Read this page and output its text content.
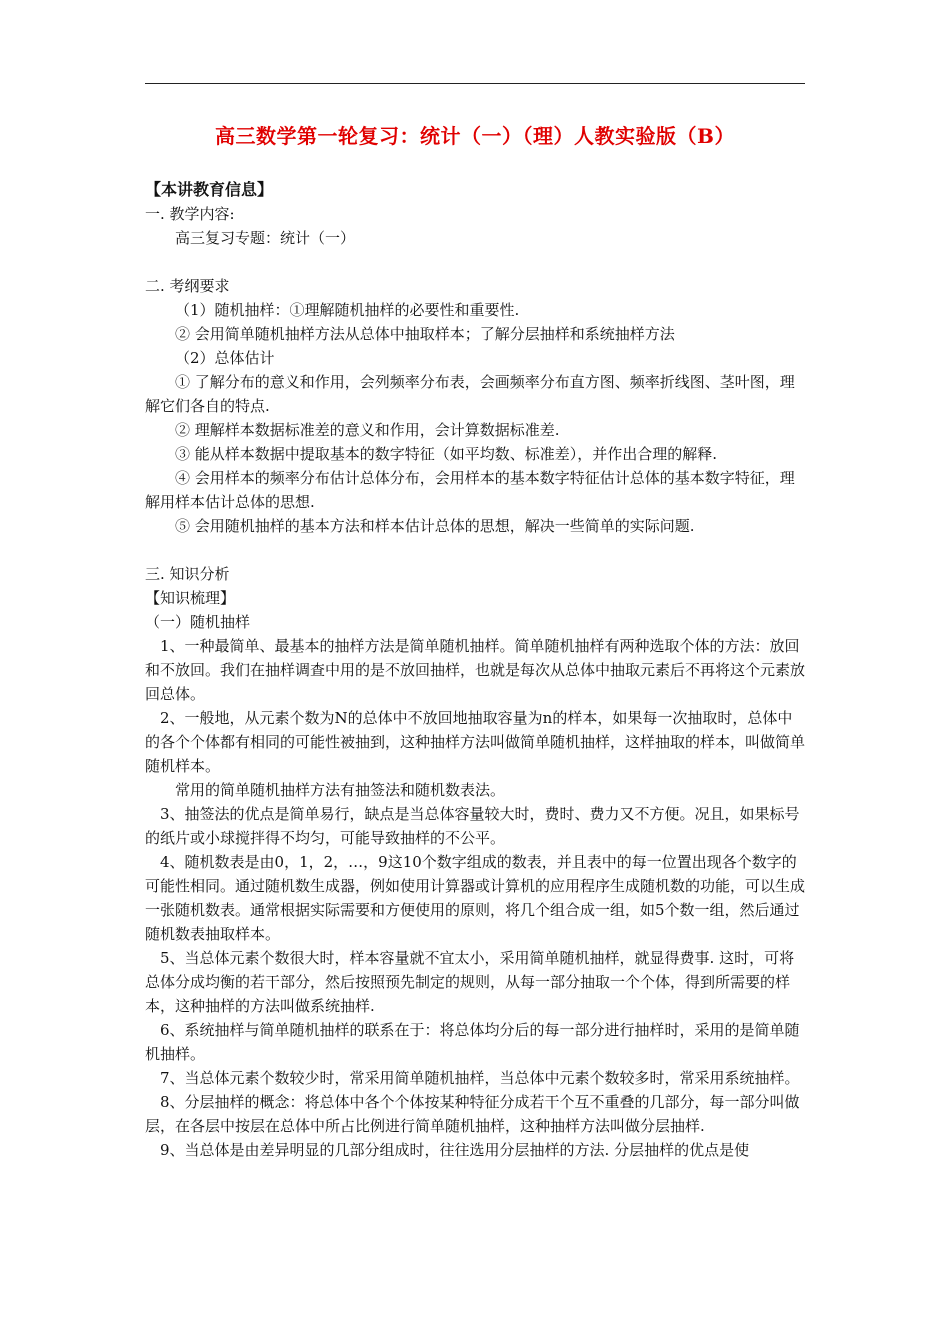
高三数学第一轮复习：统计（一）（理）人教实验版（B）

【本讲教育信息】

一. 教学内容:

高三复习专题：统计（一）

二. 考纲要求

（1）随机抽样：①理解随机抽样的必要性和重要性.

② 会用简单随机抽样方法从总体中抽取样本；了解分层抽样和系统抽样方法

（2）总体估计

① 了解分布的意义和作用，会列频率分布表，会画频率分布直方图、频率折线图、茎叶图，理解它们各自的特点.

② 理解样本数据标准差的意义和作用，会计算数据标准差.

③ 能从样本数据中提取基本的数字特征（如平均数、标准差），并作出合理的解释.

④ 会用样本的频率分布估计总体分布，会用样本的基本数字特征估计总体的基本数字特征，理解用样本估计总体的思想.

⑤ 会用随机抽样的基本方法和样本估计总体的思想，解决一些简单的实际问题.

三. 知识分析

【知识梳理】

（一）随机抽样

1、一种最简单、最基本的抽样方法是简单随机抽样。简单随机抽样有两种选取个体的方法：放回和不放回。我们在抽样调查中用的是不放回抽样，也就是每次从总体中抽取元素后不再将这个元素放回总体。

2、一般地，从元素个数为N的总体中不放回地抽取容量为n的样本，如果每一次抽取时，总体中的各个个体都有相同的可能性被抽到，这种抽样方法叫做简单随机抽样，这样抽取的样本，叫做简单随机样本。

常用的简单随机抽样方法有抽签法和随机数表法。

3、抽签法的优点是简单易行，缺点是当总体容量较大时，费时、费力又不方便。况且，如果标号的纸片或小球搅拌得不均匀，可能导致抽样的不公平。

4、随机数表是由0，1，2，…，9这10个数字组成的数表，并且表中的每一位置出现各个数字的可能性相同。通过随机数生成器，例如使用计算器或计算机的应用程序生成随机数的功能，可以生成一张随机数表。通常根据实际需要和方便使用的原则，将几个组合成一组，如5个数一组，然后通过随机数表抽取样本。

5、当总体元素个数很大时，样本容量就不宜太小，采用简单随机抽样，就显得费事. 这时，可将总体分成均衡的若干部分，然后按照预先制定的规则，从每一部分抽取一个个体，得到所需要的样本，这种抽样的方法叫做系统抽样.

6、系统抽样与简单随机抽样的联系在于：将总体均分后的每一部分进行抽样时，采用的是简单随机抽样。

7、当总体元素个数较少时，常采用简单随机抽样，当总体中元素个数较多时，常采用系统抽样。

8、分层抽样的概念：将总体中各个个体按某种特征分成若干个互不重叠的几部分，每一部分叫做层，在各层中按层在总体中所占比例进行简单随机抽样，这种抽样方法叫做分层抽样.

9、当总体是由差异明显的几部分组成时，往往选用分层抽样的方法. 分层抽样的优点是使
